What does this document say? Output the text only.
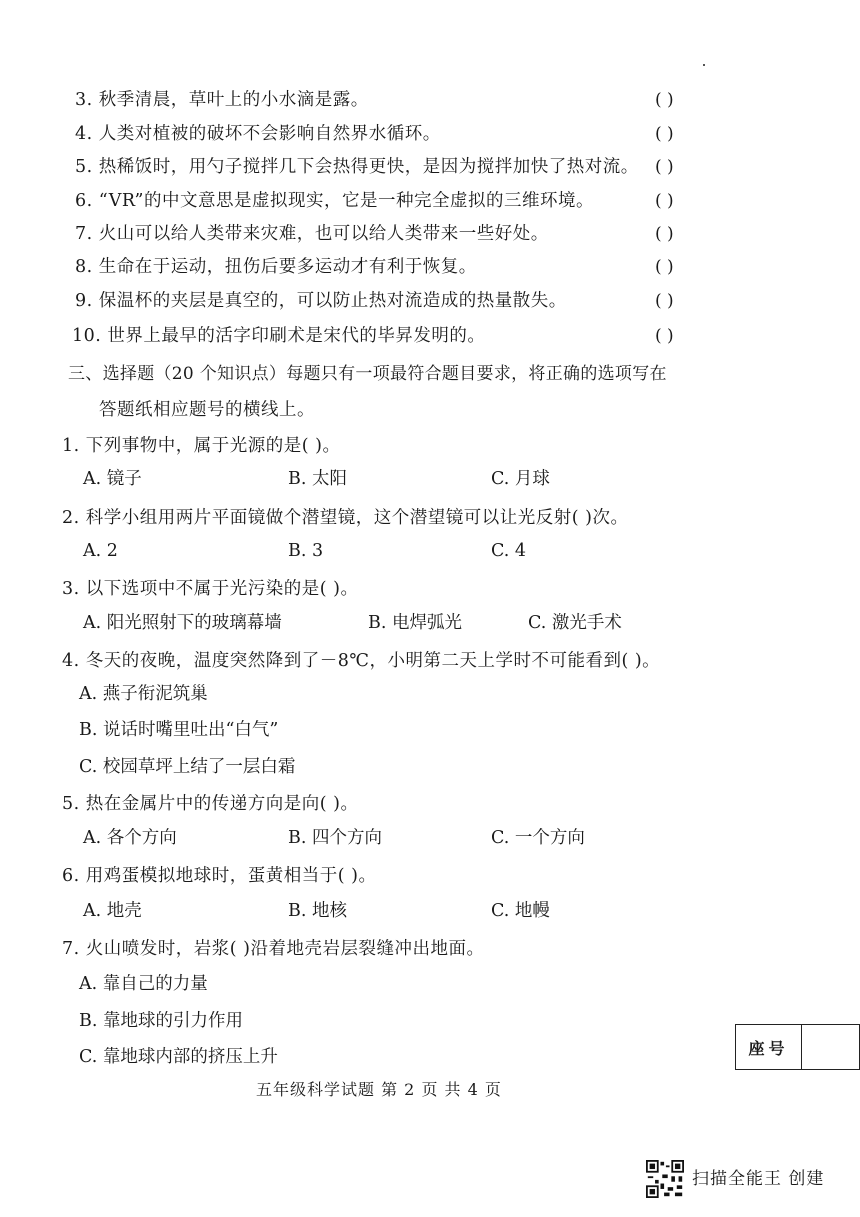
3. 秋季清晨，草叶上的小水滴是露。	( )
4. 人类对植被的破坏不会影响自然界水循环。	( )
5. 热稀饭时，用勺子搅拌几下会热得更快，是因为搅拌加快了热对流。 ( )
6. “VR”的中文意思是虚拟现实，它是一种完全虚拟的三维环境。	( )
7. 火山可以给人类带来灾难，也可以给人类带来一些好处。	( )
8. 生命在于运动，扭伤后要多运动才有利于恢复。	( )
9. 保温杯的夹层是真空的，可以防止热对流造成的热量散失。	( )
10. 世界上最早的活字印刷术是宋代的毕昇发明的。	( )
三、选择题（20 个知识点）每题只有一项最符合题目要求，将正确的选项写在
答题纸相应题号的横线上。
1. 下列事物中，属于光源的是( )。
A. 镜子	B. 太阳	C. 月球
2. 科学小组用两片平面镜做个潜望镜，这个潜望镜可以让光反射( )次。
A. 2	B. 3	C. 4
3. 以下选项中不属于光污染的是( )。
A. 阳光照射下的玻璃幕墙	B. 电焊弧光	C. 激光手术
4. 冬天的夜晚，温度突然降到了－8℃，小明第二天上学时不可能看到( )。
A. 燕子衔泥筑巢
B. 说话时嘴里吐出“白气”
C. 校园草坪上结了一层白霜
5. 热在金属片中的传递方向是向( )。
A. 各个方向	B. 四个方向	C. 一个方向
6. 用鸡蛋模拟地球时，蛋黄相当于( )。
A. 地壳	B. 地核	C. 地幔
7. 火山喷发时，岩浆( )沿着地壳岩层裂缝冲出地面。
A. 靠自己的力量
B. 靠地球的引力作用
C. 靠地球内部的挤压上升	座号
五年级科学试题 第 2 页 共 4 页
扫描全能王 创建
